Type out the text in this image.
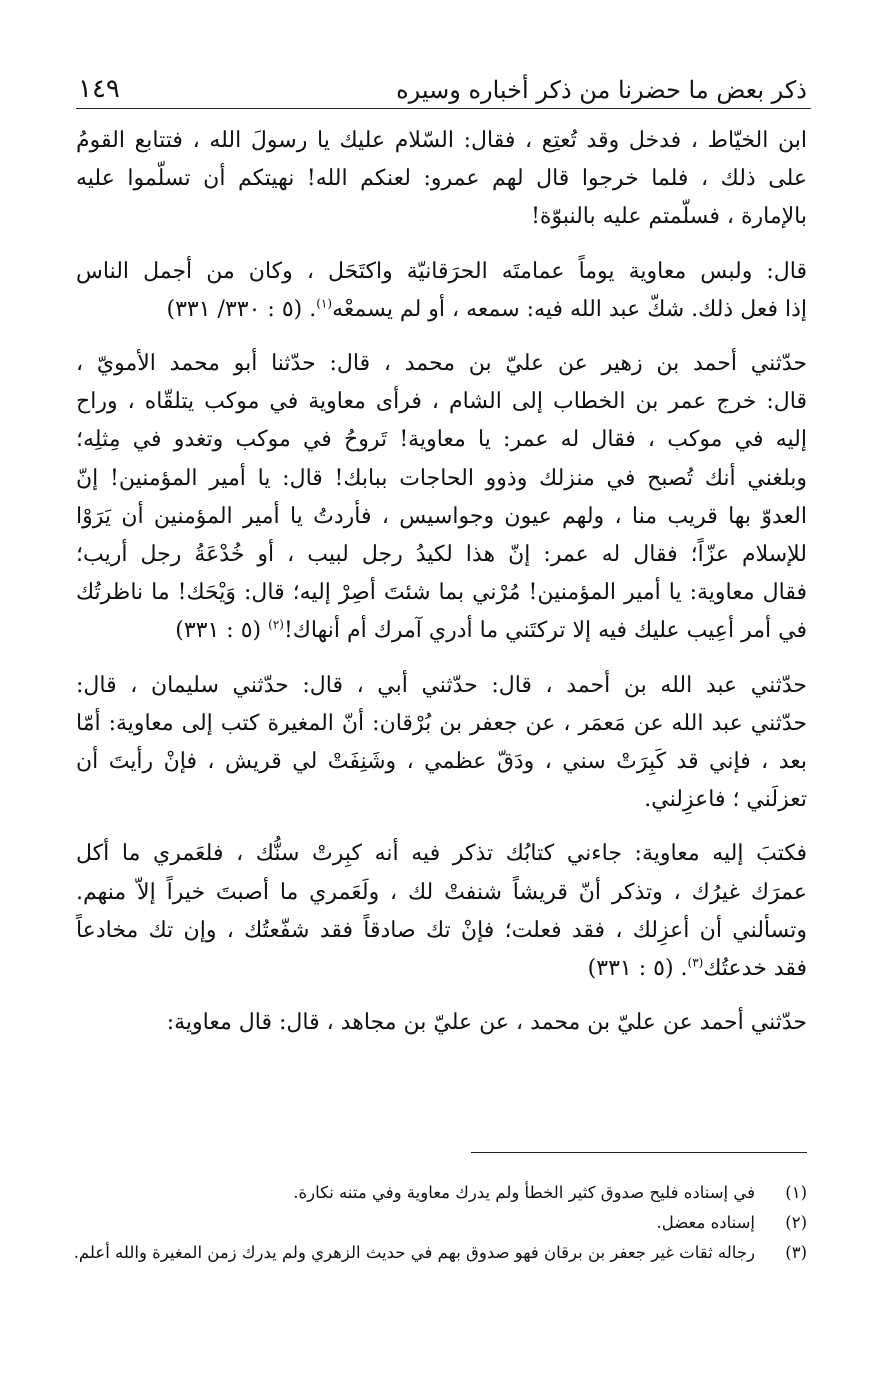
ذكر بعض ما حضرنا من ذكر أخباره وسيره
١٤٩
ابن الخيّاط ، فدخل وقد تُعتِع ، فقال: السّلام عليك يا رسولَ الله ، فتتابع القومُ
على ذلك ، فلما خرجوا قال لهم عمرو: لعنكم الله! نهيتكم أن تسلّموا عليه
بالإمارة ، فسلّمتم عليه بالنبوّة!
قال: ولبس معاوية يوماً عمامتَه الحرَقانيّة واكتَحَل ، وكان من أجمل الناس
إذا فعل ذلك. شكّ عبد الله فيه: سمعه ، أو لم يسمعْه$^{(١)}$. (٥ : ٣٣٠/ ٣٣١)
حدّثني أحمد بن زهير عن عليّ بن محمد ، قال: حدّثنا أبو محمد الأمويّ ،
قال: خرج عمر بن الخطاب إلى الشام ، فرأى معاوية في موكب يتلقّاه ، وراح
إليه في موكب ، فقال له عمر: يا معاوية! تَروحُ في موكب وتغدو في مِثلِه؛
وبلغني أنك تُصبح في منزلك وذوو الحاجات ببابك! قال: يا أمير المؤمنين! إنّ
العدوّ بها قريب منا ، ولهم عيون وجواسيس ، فأردتُ يا أمير المؤمنين أن يَرَوْا
للإسلام عزّاً؛ فقال له عمر: إنّ هذا لكيدُ رجل لبيب ، أو خُدْعَةُ رجل أريب؛
فقال معاوية: يا أمير المؤمنين! مُرْني بما شئتَ أصِرْ إليه؛ قال: وَيْحَك! ما ناظرتُك
في أمر أعِيب عليك فيه إلا تركتَني ما أدري آمرك أم أنهاك!$^{(٢)}$ (٥ : ٣٣١)
حدّثني عبد الله بن أحمد ، قال: حدّثني أبي ، قال: حدّثني سليمان ، قال:
حدّثني عبد الله عن مَعمَر ، عن جعفر بن بُرْقان: أنّ المغيرة كتب إلى معاوية: أمّا
بعد ، فإني قد كَبِرَتْ سني ، ودَقّ عظمي ، وشَنِفَتْ لي قريش ، فإنْ رأيتَ أن
تعزلَني ؛ فاعزِلني.
فكتبَ إليه معاوية: جاءني كتابُك تذكر فيه أنه كبِرتْ سنُّك ، فلعَمري ما أكل
عمرَك غيرُك ، وتذكر أنّ قريشاً شنفتْ لك ، ولَعَمري ما أصبتَ خيراً إلاّ منهم.
وتسألني أن أعزِلك ، فقد فعلت؛ فإنْ تك صادقاً فقد شفّعتُك ، وإن تك مخادعاً
فقد خدعتُك$^{(٣)}$. (٥ : ٣٣١)
حدّثني أحمد عن عليّ بن محمد ، عن عليّ بن مجاهد ، قال: قال معاوية:
(١)
في إسناده فليح صدوق كثير الخطأ ولم يدرك معاوية وفي متنه نكارة.
(٢)
إسناده معضل.
(٣)
رجاله ثقات غير جعفر بن برقان فهو صدوق بهم في حديث الزهري ولم يدرك زمن المغيرة والله أعلم.
